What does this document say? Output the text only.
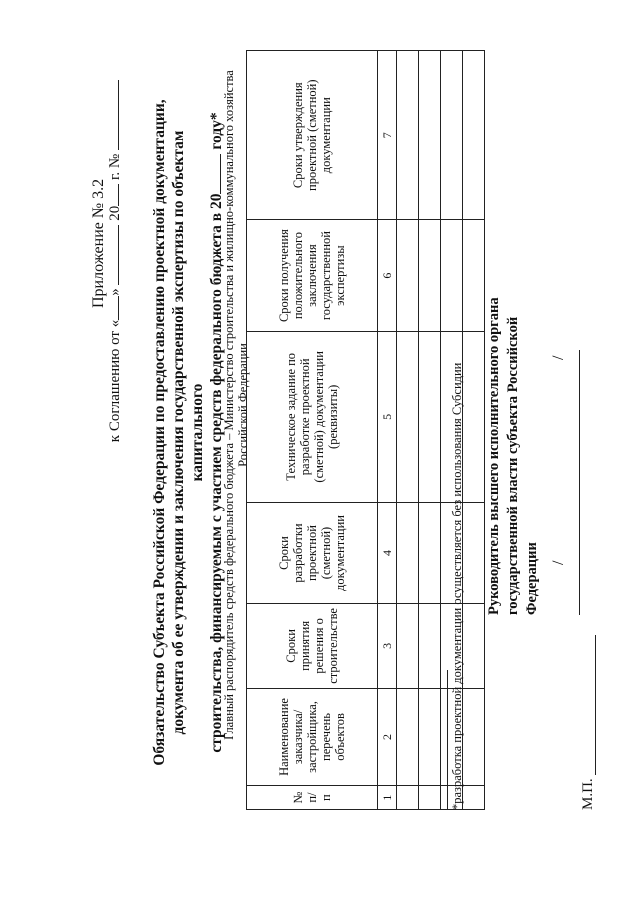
Приложение № 3.2
к Соглашению от «»  20 г. № Обязательство Субъекта Российской Федерации по предоставлению проектной документации, документа об ее утверждении и заключения государственной экспертизы по объектам капитального строительства, финансируемым с участием средств федерального бюджета в 20 году*
Главный распорядитель средств федерального бюджета – Министерство строительства и жилищно-коммунального хозяйства Российской Федерации
№ п/п	Наименование заказчика/ застройщика, перечень объектов	Сроки принятия решения о строительстве	Сроки разработки проектной (сметной) документации	Техническое задание по разработке проектной (сметной) документации (реквизиты)	Сроки получения положительного заключения государственной экспертизы	Сроки утверждения проектной (сметной) документации
1	2	3	4	5	6	7

*разработка проектной документации осуществляется без использования Субсидии Руководитель высшего исполнительного органа государственной власти субъекта Российской Федерации /
/
М.П.
